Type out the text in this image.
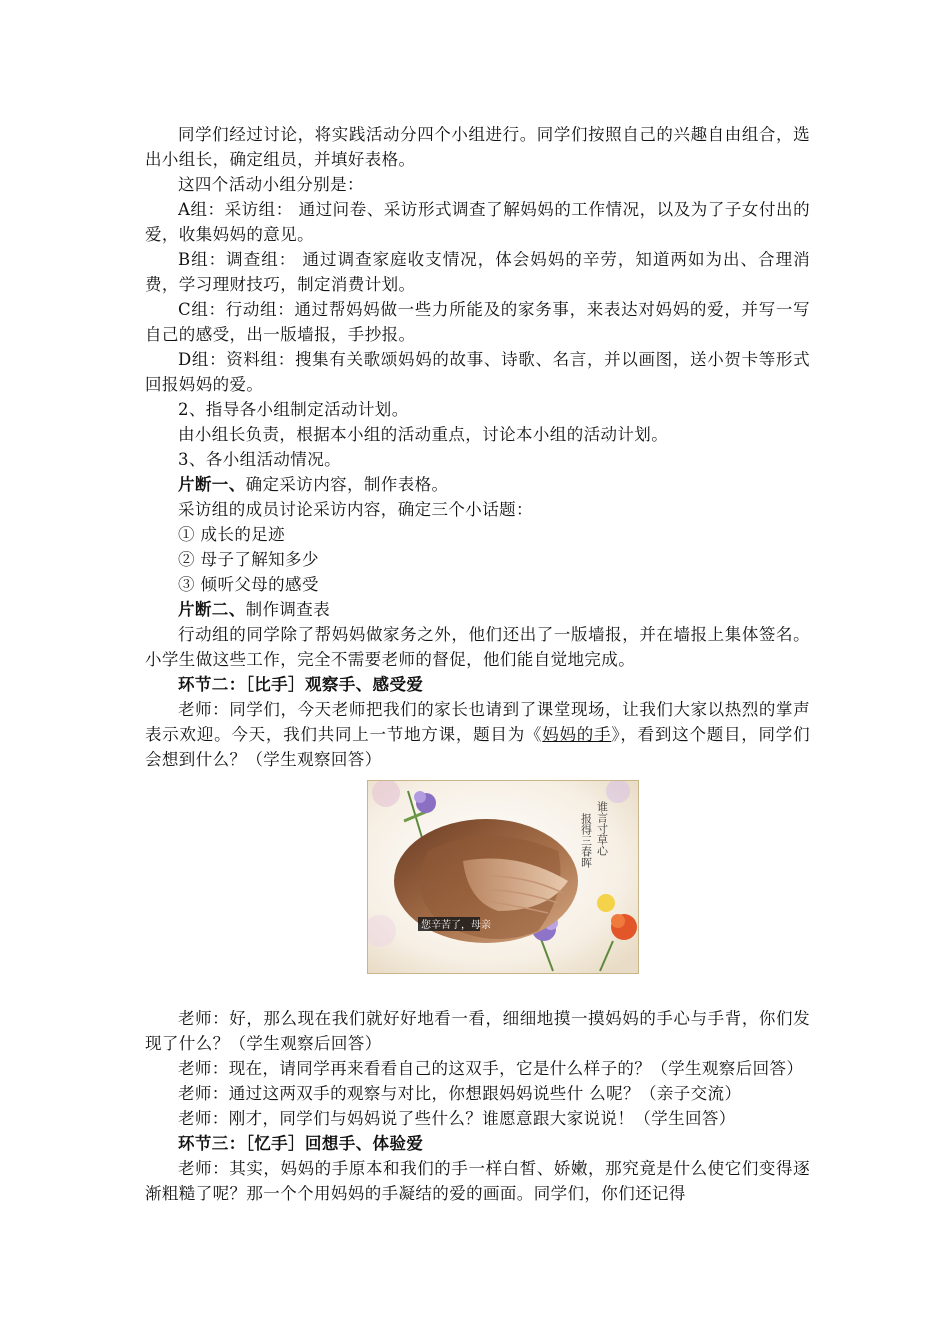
同学们经过讨论，将实践活动分四个小组进行。同学们按照自己的兴趣自由组合，选出小组长，确定组员，并填好表格。

这四个活动小组分别是：

A组：采访组： 通过问卷、采访形式调查了解妈妈的工作情况，以及为了子女付出的爱，收集妈妈的意见。

B组：调查组： 通过调查家庭收支情况，体会妈妈的辛劳，知道两如为出、合理消费，学习理财技巧，制定消费计划。

C组：行动组：通过帮妈妈做一些力所能及的家务事，来表达对妈妈的爱，并写一写自己的感受，出一版墙报，手抄报。

D组：资料组：搜集有关歌颂妈妈的故事、诗歌、名言，并以画图，送小贺卡等形式回报妈妈的爱。

2、指导各小组制定活动计划。

由小组长负责，根据本小组的活动重点，讨论本小组的活动计划。

3、各小组活动情况。

片断一、确定采访内容，制作表格。

采访组的成员讨论采访内容，确定三个小话题：

① 成长的足迹

② 母子了解知多少

③ 倾听父母的感受

片断二、制作调查表

行动组的同学除了帮妈妈做家务之外，他们还出了一版墙报，并在墙报上集体签名。小学生做这些工作，完全不需要老师的督促，他们能自觉地完成。

环节二：［比手］观察手、感受爱

老师：同学们，今天老师把我们的家长也请到了课堂现场，让我们大家以热烈的掌声表示欢迎。今天，我们共同上一节地方课，题目为《妈妈的手》，看到这个题目，同学们会想到什么？（学生观察回答）

您辛苦了，母亲
谁言寸草心
报得三春晖

老师：好，那么现在我们就好好地看一看，细细地摸一摸妈妈的手心与手背，你们发现了什么？（学生观察后回答）

老师：现在，请同学再来看看自己的这双手，它是什么样子的？（学生观察后回答）

老师：通过这两双手的观察与对比，你想跟妈妈说些什 么呢？（亲子交流）

老师：刚才，同学们与妈妈说了些什么？谁愿意跟大家说说！（学生回答）

环节三：［忆手］回想手、体验爱

老师：其实，妈妈的手原本和我们的手一样白皙、娇嫩，那究竟是什么使它们变得逐渐粗糙了呢？那一个个用妈妈的手凝结的爱的画面。同学们，你们还记得
